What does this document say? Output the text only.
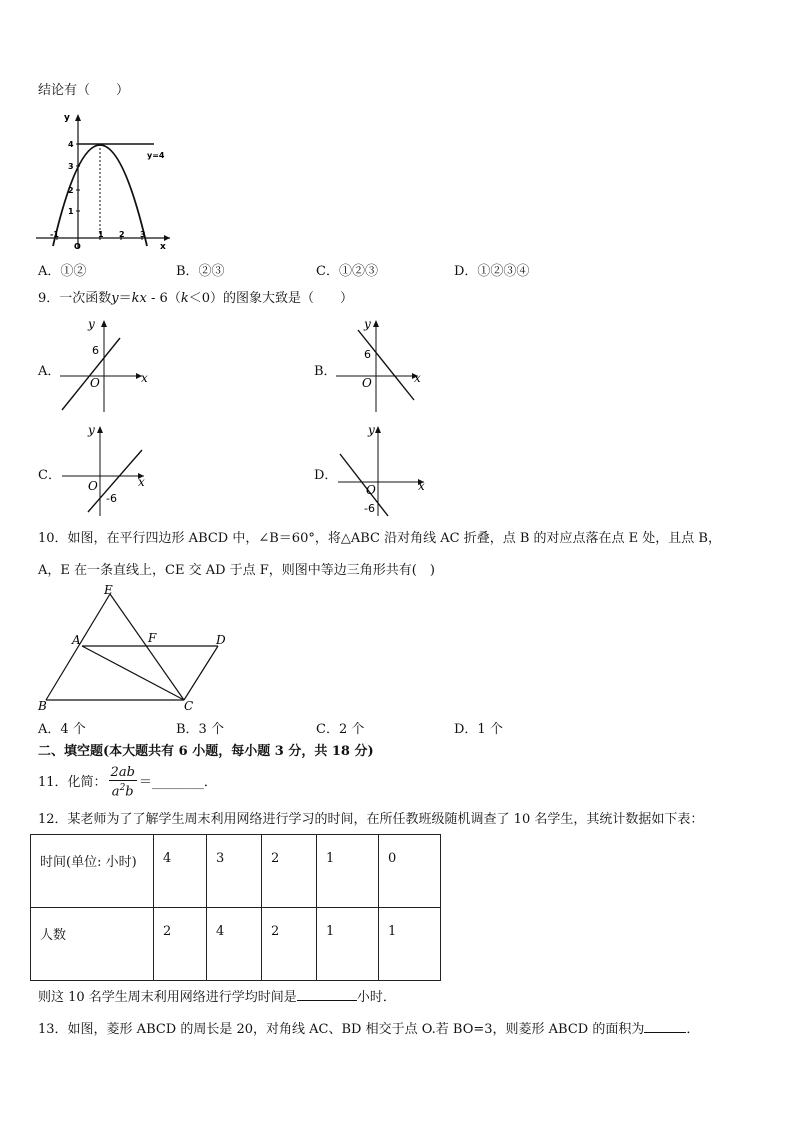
结论有（　　）
y
x
O
y=4
-1	1 2 3
4
3
2
1
A．①②	B．②③	C．①②③	D．①②③④
9．一次函数y＝kx - 6（k＜0）的图象大致是（　　）
A．
y
x
O
6
B．
y
x
O
6
C．
y
x
O
-6
D．
y
x
O
-6
10．如图，在平行四边形 ABCD 中，∠B＝60°，将△ABC 沿对角线 AC 折叠，点 B 的对应点落在点 E 处，且点 B，
A，E 在一条直线上，CE 交 AD 于点 F，则图中等边三角形共有(　)
E
A	F	D
B	C
A．4 个	B．3 个	C．2 个	D．1 个
二、填空题(本大题共有 6 小题，每小题 3 分，共 18 分)
11．化简： $\frac{2ab}{a^2b}$ ＝________．
12．某老师为了了解学生周末利用网络进行学习的时间，在所任教班级随机调查了 10 名学生，其统计数据如下表：
时间(单位: 小时)	4	3	2	1	0
人数	2	4	2	1	1
则这 10 名学生周末利用网络进行学均时间是	小时．
13．如图，菱形 ABCD 的周长是 20，对角线 AC、BD 相交于点 O.若 BO=3，则菱形 ABCD 的面积为	．
